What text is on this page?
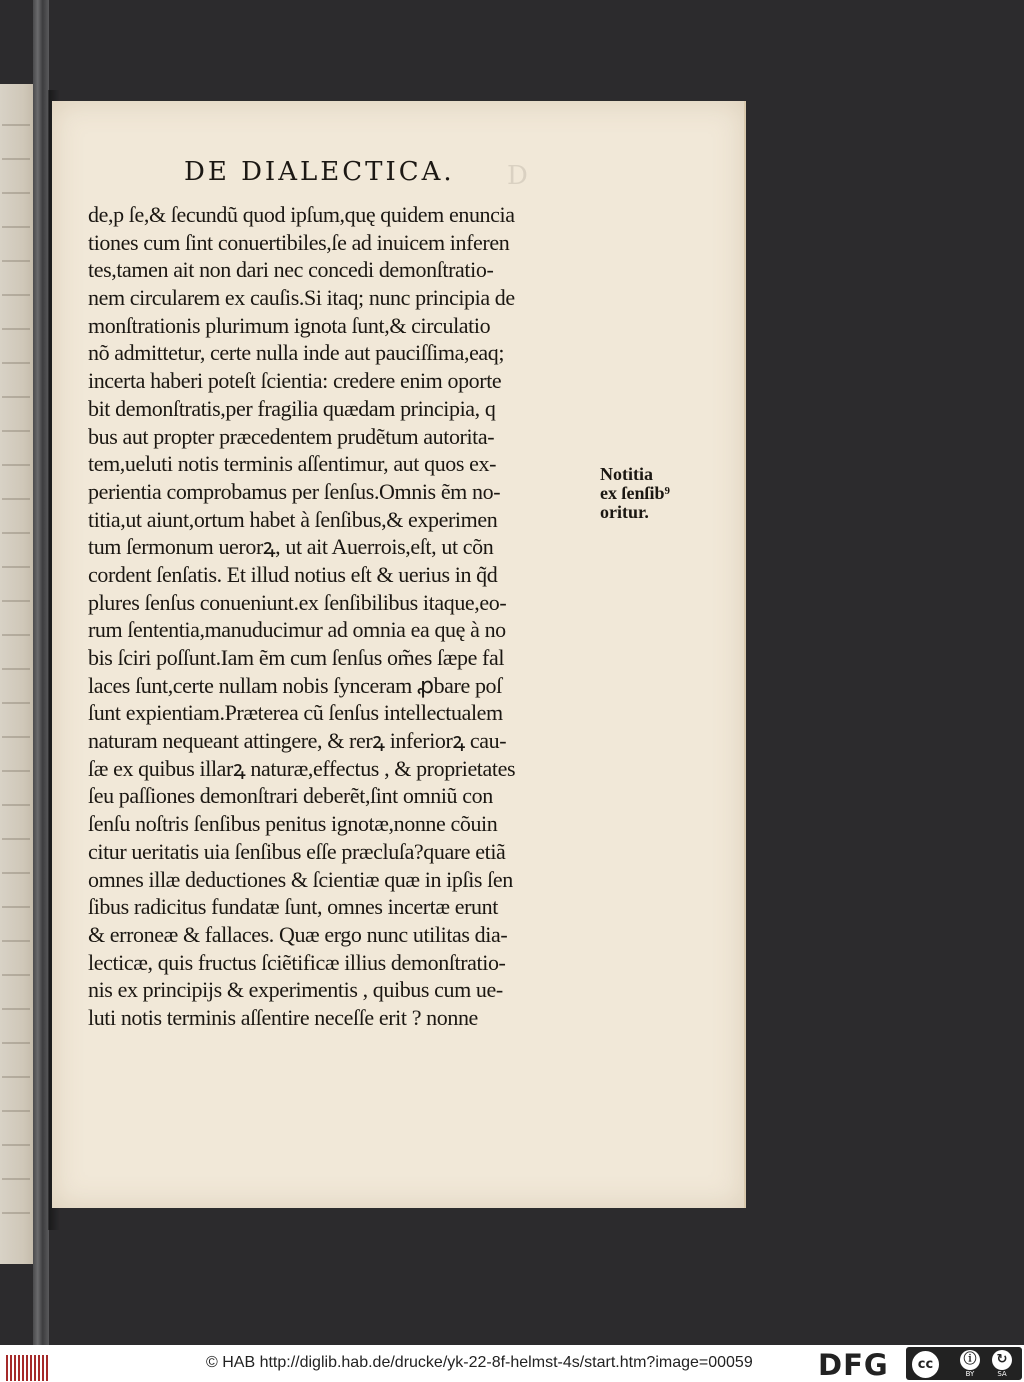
DE DIALECTICA. D
de,p ſe,& ſecundũ quod ipſum,quę quidem enuncia
tiones cum ſint conuertibiles,ſe ad inuicem inferen
tes,tamen ait non dari nec concedi demonſtratio-
nem circularem ex cauſis.Si itaq; nunc principia de
monſtrationis plurimum ignota ſunt,& circulatio
nõ admittetur, certe nulla inde aut pauciſſima,eaq;
incerta haberi poteſt ſcientia: credere enim oporte
bit demonſtratis,per fragilia quædam principia, q
bus aut propter præcedentem prudẽtum autorita-
tem,ueluti notis terminis aſſentimur, aut quos ex-
perientia comprobamus per ſenſus.Omnis ẽm no-
titia,ut aiunt,ortum habet à ſenſibus,& experimen
tum ſermonum uerorꝝ, ut ait Auerrois,eſt, ut cõn
cordent ſenſatis. Et illud notius eſt & uerius in q̃d
plures ſenſus conueniunt.ex ſenſibilibus itaque,eo-
rum ſententia,manuducimur ad omnia ea quę à no
bis ſciri poſſunt.Iam ẽm cum ſenſus om̃es ſæpe fal
laces ſunt,certe nullam nobis ſynceram ꝓbare poſ
ſunt expientiam.Præterea cũ ſenſus intellectualem
naturam nequeant attingere, & rerꝝ inferiorꝝ cau-
ſæ ex quibus illarꝝ naturæ,effectus , & proprietates
ſeu paſſiones demonſtrari deberẽt,ſint omniũ con
ſenſu noſtris ſenſibus penitus ignotæ,nonne cõuin
citur ueritatis uia ſenſibus eſſe præcluſa?quare etiã
omnes illæ deductiones & ſcientiæ quæ in ipſis ſen
ſibus radicitus fundatæ ſunt, omnes incertæ erunt
& erroneæ & fallaces. Quæ ergo nunc utilitas dia-
lecticæ, quis fructus ſciẽtificæ illius demonſtratio-
nis ex principijs & experimentis , quibus cum ue-
luti notis terminis aſſentire neceſſe erit ? nonne
Notitia
ex ſenſib⁹
oritur.
© HAB http://diglib.hab.de/drucke/yk-22-8f-helmst-4s/start.htm?image=00059 DFG	cc	ⓘ
BY
↻
SA
